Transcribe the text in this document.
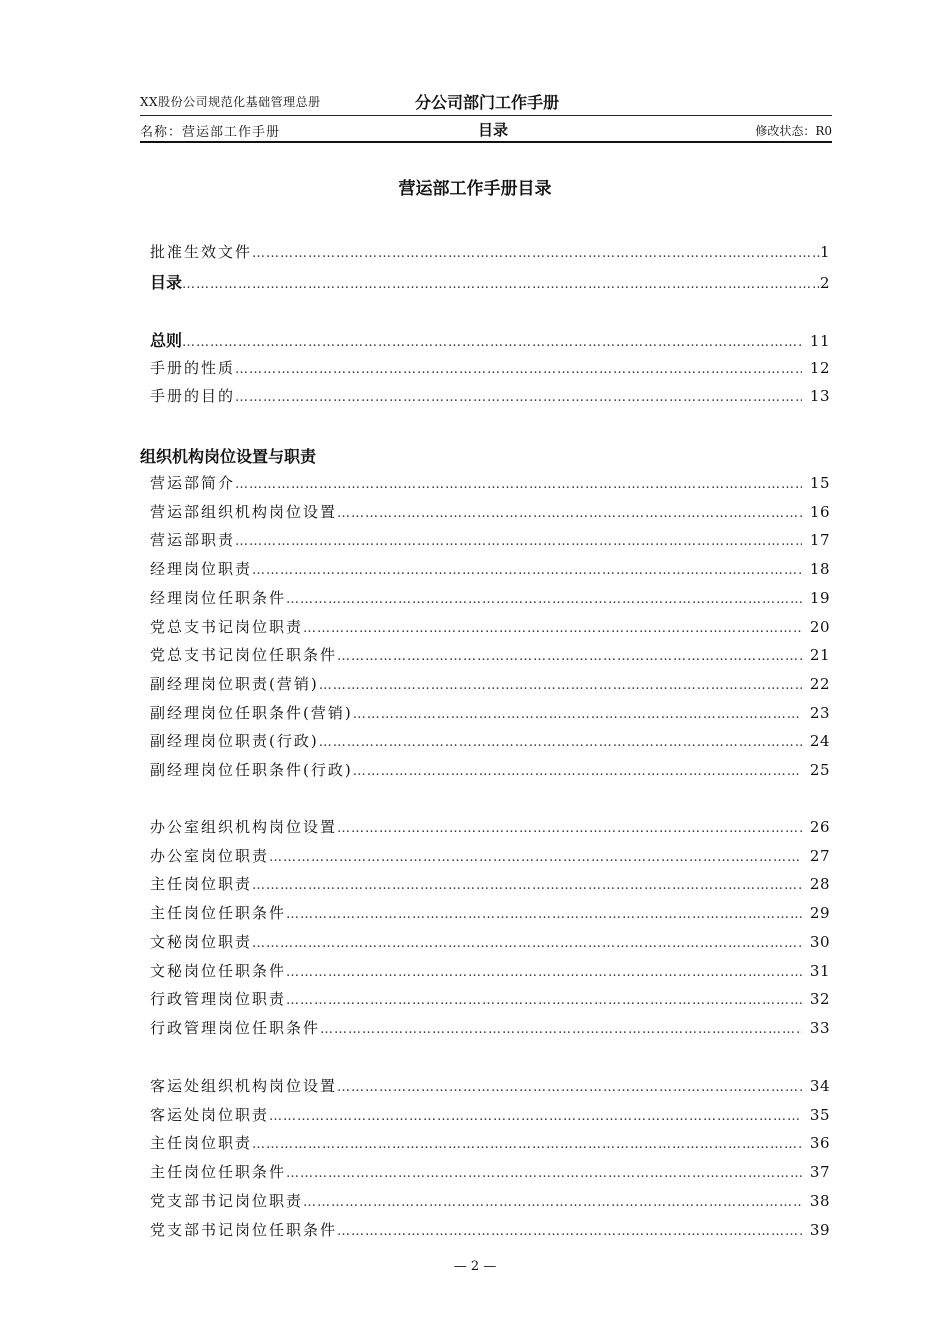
XX股份公司规范化基础管理总册	分公司部门工作手册
名称：营运部工作手册	目录	修改状态：R0
营运部工作手册目录
批准生效文件 …………………………………………………………………………………………………………………………………………………………………………	1
目录 …………………………………………………………………………………………………………………………………………………………………………	2
总则 …………………………………………………………………………………………………………………………………………………………………………	11
手册的性质 …………………………………………………………………………………………………………………………………………………………………………	12
手册的目的 …………………………………………………………………………………………………………………………………………………………………………	13
营运部简介 …………………………………………………………………………………………………………………………………………………………………………	15
营运部组织机构岗位设置 …………………………………………………………………………………………………………………………………………………………………………	16
营运部职责 …………………………………………………………………………………………………………………………………………………………………………	17
经理岗位职责 …………………………………………………………………………………………………………………………………………………………………………	18
经理岗位任职条件 …………………………………………………………………………………………………………………………………………………………………………	19
党总支书记岗位职责 …………………………………………………………………………………………………………………………………………………………………………	20
党总支书记岗位任职条件 …………………………………………………………………………………………………………………………………………………………………………	21
副经理岗位职责(营销) …………………………………………………………………………………………………………………………………………………………………………	22
副经理岗位任职条件(营销) …………………………………………………………………………………………………………………………………………………………………………	23
副经理岗位职责(行政) …………………………………………………………………………………………………………………………………………………………………………	24
副经理岗位任职条件(行政) …………………………………………………………………………………………………………………………………………………………………………	25
办公室组织机构岗位设置 …………………………………………………………………………………………………………………………………………………………………………	26
办公室岗位职责 …………………………………………………………………………………………………………………………………………………………………………	27
主任岗位职责 …………………………………………………………………………………………………………………………………………………………………………	28
主任岗位任职条件 …………………………………………………………………………………………………………………………………………………………………………	29
文秘岗位职责 …………………………………………………………………………………………………………………………………………………………………………	30
文秘岗位任职条件 …………………………………………………………………………………………………………………………………………………………………………	31
行政管理岗位职责 …………………………………………………………………………………………………………………………………………………………………………	32
行政管理岗位任职条件 …………………………………………………………………………………………………………………………………………………………………………	33
客运处组织机构岗位设置 …………………………………………………………………………………………………………………………………………………………………………	34
客运处岗位职责 …………………………………………………………………………………………………………………………………………………………………………	35
主任岗位职责 …………………………………………………………………………………………………………………………………………………………………………	36
主任岗位任职条件 …………………………………………………………………………………………………………………………………………………………………………	37
党支部书记岗位职责 …………………………………………………………………………………………………………………………………………………………………………	38
党支部书记岗位任职条件 …………………………………………………………………………………………………………………………………………………………………………	39
组织机构岗位设置与职责
— 2 —
